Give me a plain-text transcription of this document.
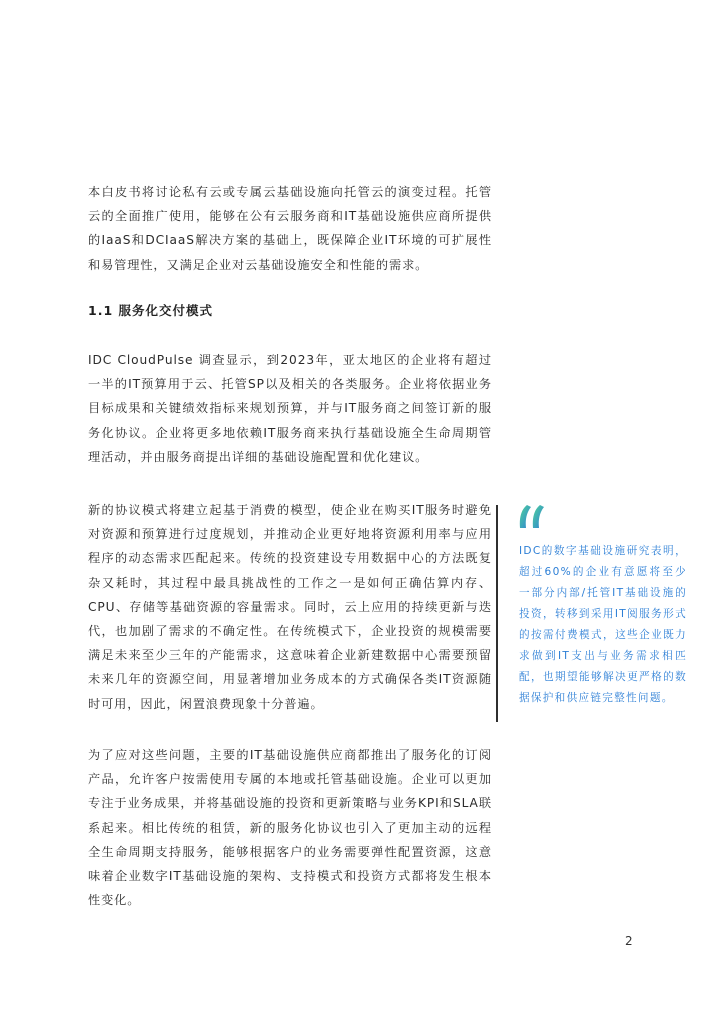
本白皮书将讨论私有云或专属云基础设施向托管云的演变过程。托管云的全面推广使用，能够在公有云服务商和IT基础设施供应商所提供的IaaS和DCIaaS解决方案的基础上，既保障企业IT环境的可扩展性和易管理性，又满足企业对云基础设施安全和性能的需求。

1.1 服务化交付模式

IDC CloudPulse 调查显示，到2023年，亚太地区的企业将有超过一半的IT预算用于云、托管SP以及相关的各类服务。企业将依据业务目标成果和关键绩效指标来规划预算，并与IT服务商之间签订新的服务化协议。企业将更多地依赖IT服务商来执行基础设施全生命周期管理活动，并由服务商提出详细的基础设施配置和优化建议。

新的协议模式将建立起基于消费的模型，使企业在购买IT服务时避免对资源和预算进行过度规划，并推动企业更好地将资源利用率与应用程序的动态需求匹配起来。传统的投资建设专用数据中心的方法既复杂又耗时，其过程中最具挑战性的工作之一是如何正确估算内存、CPU、存储等基础资源的容量需求。同时，云上应用的持续更新与迭代，也加剧了需求的不确定性。在传统模式下，企业投资的规模需要满足未来至少三年的产能需求，这意味着企业新建数据中心需要预留未来几年的资源空间，用显著增加业务成本的方式确保各类IT资源随时可用，因此，闲置浪费现象十分普遍。

为了应对这些问题，主要的IT基础设施供应商都推出了服务化的订阅产品，允许客户按需使用专属的本地或托管基础设施。企业可以更加专注于业务成果，并将基础设施的投资和更新策略与业务KPI和SLA联系起来。相比传统的租赁，新的服务化协议也引入了更加主动的远程全生命周期支持服务，能够根据客户的业务需要弹性配置资源，这意味着企业数字IT基础设施的架构、支持模式和投资方式都将发生根本性变化。

IDC的数字基础设施研究表明，超过60%的企业有意愿将至少一部分内部/托管IT基础设施的投资，转移到采用IT阅服务形式的按需付费模式，这些企业既力求做到IT支出与业务需求相匹配，也期望能够解决更严格的数据保护和供应链完整性问题。

2
